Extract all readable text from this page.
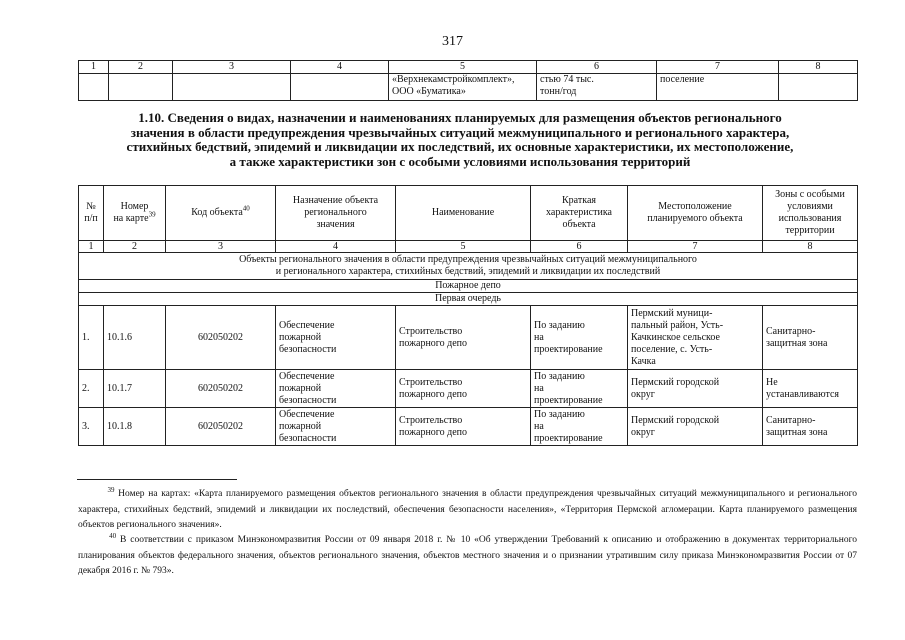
317
1	2	3	4	5	6	7	8
				«Верхнекамстройкомплект»,
ООО «Буматика»	стью 74 тыс.
тонн/год	поселение	
1.10. Сведения о видах, назначении и наименованиях планируемых для размещения объектов регионального
значения в области предупреждения чрезвычайных ситуаций межмуниципального и регионального характера,
стихийных бедствий, эпидемий и ликвидации их последствий, их основные характеристики, их местоположение,
а также характеристики зон с особыми условиями использования территорий
№
п/п	Номер
на карте$^{39}$	Код объекта$^{40}$	Назначение объекта
регионального
значения	Наименование	Краткая
характеристика
объекта	Местоположение
планируемого объекта	Зоны с особыми
условиями
использования
территории
1	2	3	4	5	6	7	8
Объекты регионального значения в области предупреждения чрезвычайных ситуаций межмуниципального
и регионального характера, стихийных бедствий, эпидемий и ликвидации их последствий							
Пожарное депо							
Первая очередь							
1.	10.1.6	602050202	Обеспечение
пожарной
безопасности	Строительство
пожарного депо	По заданию
на
проектирование	Пермский муници-
пальный район, Усть-
Качкинское сельское
поселение, с. Усть-
Качка	Санитарно-
защитная зона
2.	10.1.7	602050202	Обеспечение
пожарной
безопасности	Строительство
пожарного депо	По заданию
на
проектирование	Пермский городской
округ	Не
устанавливаются
3.	10.1.8	602050202	Обеспечение
пожарной
безопасности	Строительство
пожарного депо	По заданию
на
проектирование	Пермский городской
округ	Санитарно-
защитная зона
$^{39}$ Номер на картах: «Карта планируемого размещения объектов регионального значения в области предупреждения чрезвычайных ситуаций межмуниципального и регионального характера, стихийных бедствий, эпидемий и ликвидации их последствий, обеспечения безопасности населения», «Территория Пермской агломерации. Карта планируемого размещения объектов регионального значения».
$^{40}$ В соответствии с приказом Минэкономразвития России от 09 января 2018 г. № 10 «Об утверждении Требований к описанию и отображению в документах территориального планирования объектов федерального значения, объектов регионального значения, объектов местного значения и о признании утратившим силу приказа Минэкономразвития России от 07 декабря 2016 г. № 793».
